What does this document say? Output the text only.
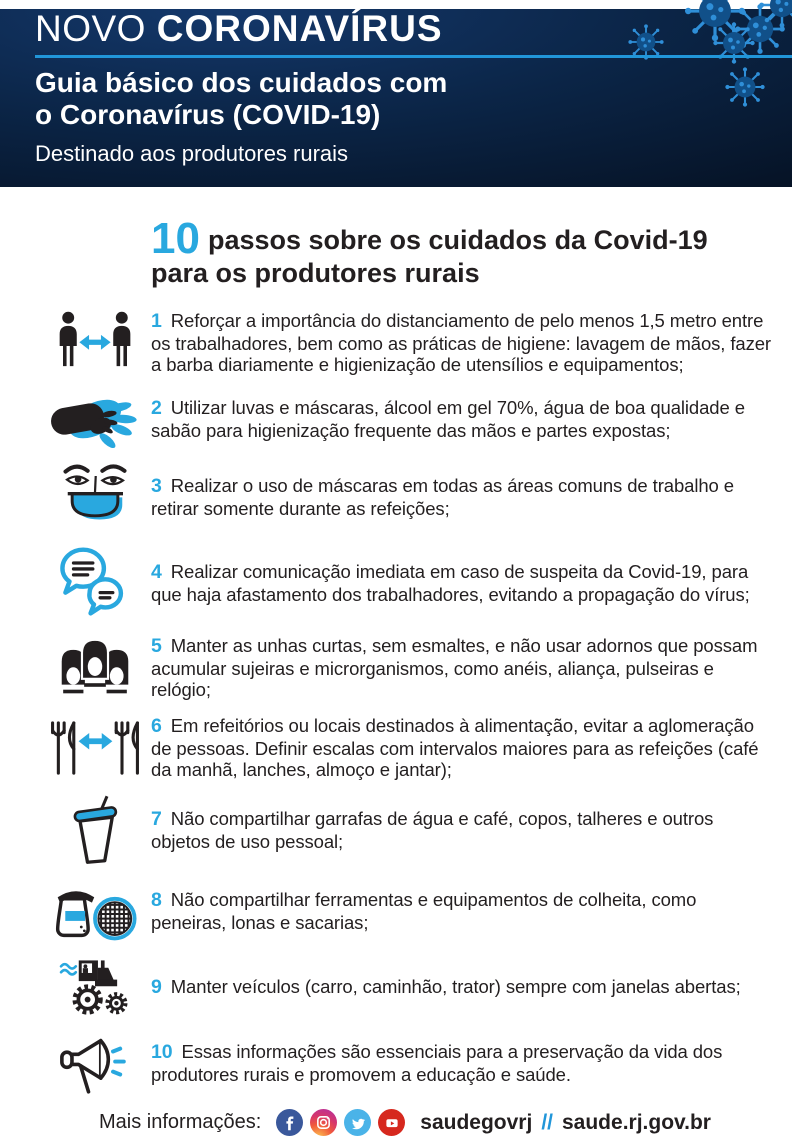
NOVO CORONAVÍRUS
Guia básico dos cuidados com
o Coronavírus (COVID-19)
Destinado aos produtores rurais
10 passos sobre os cuidados da Covid-19
para os produtores rurais

1 Reforçar a importância do distanciamento de pelo menos 1,5 metro entre os trabalhadores, bem como as práticas de higiene: lavagem de mãos, fazer a barba diariamente e higienização de utensílios e equipamentos;

2 Utilizar luvas e máscaras, álcool em gel 70%, água de boa qualidade e sabão para higienização frequente das mãos e partes expostas;

3 Realizar o uso de máscaras em todas as áreas comuns de trabalho e retirar somente durante as refeições;

4 Realizar comunicação imediata em caso de suspeita da Covid-19, para que haja afastamento dos trabalhadores, evitando a propagação do vírus;

5 Manter as unhas curtas, sem esmaltes, e não usar adornos que possam acumular sujeiras e microrganismos, como anéis, aliança, pulseiras e relógio;

6 Em refeitórios ou locais destinados à alimentação, evitar a aglomeração de pessoas. Definir escalas com intervalos maiores para as refeições (café da manhã, lanches, almoço e jantar);

7 Não compartilhar garrafas de água e café, copos, talheres e outros objetos de uso pessoal;

8 Não compartilhar ferramentas e equipamentos de colheita, como peneiras, lonas e sacarias;

9 Manter veículos (carro, caminhão, trator) sempre com janelas abertas;

10 Essas informações são essenciais para a preservação da vida dos produtores rurais e promovem a educação e saúde.

Mais informações:	saudegovrj // saude.rj.gov.br
